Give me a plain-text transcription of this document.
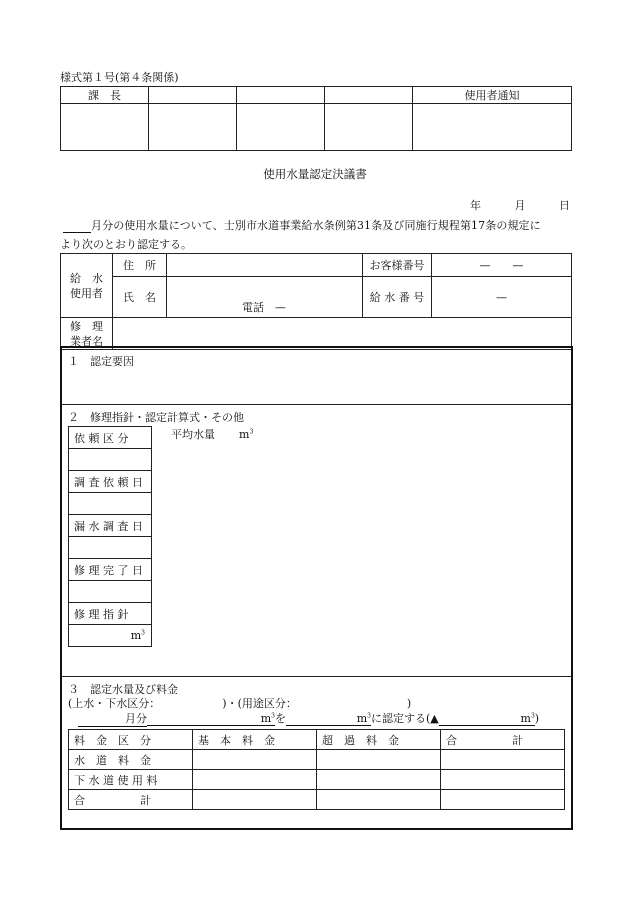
様式第１号(第４条関係)
課　長				使用者通知

使用水量認定決議書
年	月	日
月分の使用水量について、士別市水道事業給水条例第31条及び同施行規程第17条の規定に
より次のとおり認定する。
給　水
使用者	住　所		お客様番号	—　　—
	氏　名	電話　—	給 水 番 号	—
修　理
業者名				
１　認定要因
２　修理指針・認定計算式・その他
平均水量 $m^3$
依 頼 区 分

調 査 依 頼 日

漏 水 調 査 日

修 理 完 了 日

修 理 指 針

$m^3$
３　認定水量及び料金
(上水・下水区分：	)・(用途区分：	)
月分	$m^3$を	$m^3$に認定する(▲	$m^3$)
料　金　区　分	基　本　料　金	超　過　料　金	合　　　　　計

水　道　料　金			

下 水 道 使 用 料			

合　　　　　計			
